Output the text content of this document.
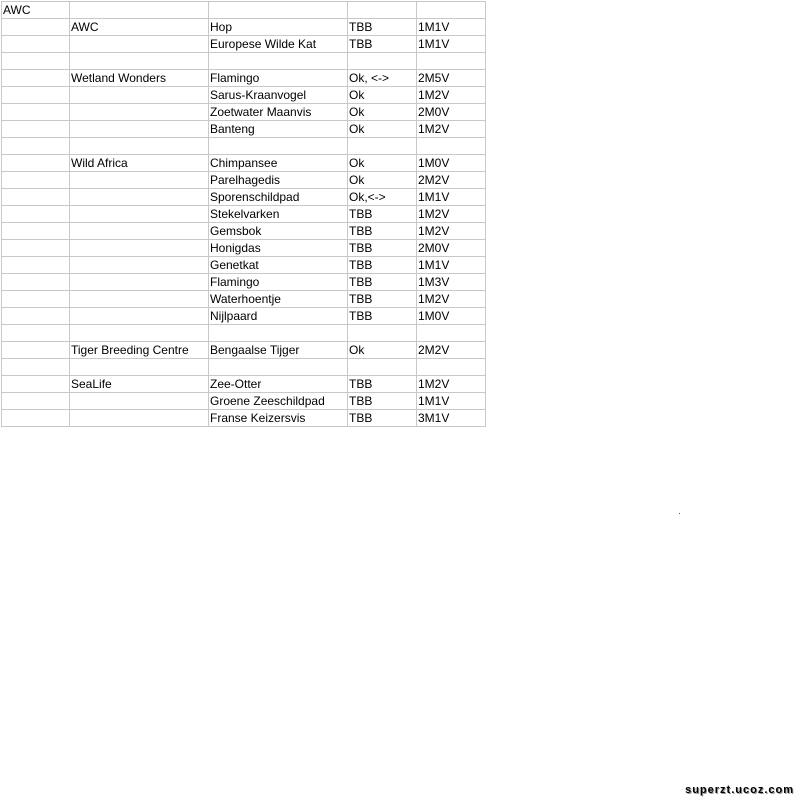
AWC				
	AWC	Hop	TBB	1M1V
		Europese Wilde Kat	TBB	1M1V

	Wetland Wonders	Flamingo	Ok, <->	2M5V
		Sarus-Kraanvogel	Ok	1M2V
		Zoetwater Maanvis	Ok	2M0V
		Banteng	Ok	1M2V

	Wild Africa	Chimpansee	Ok	1M0V
		Parelhagedis	Ok	2M2V
		Sporenschildpad	Ok,<->	1M1V
		Stekelvarken	TBB	1M2V
		Gemsbok	TBB	1M2V
		Honigdas	TBB	2M0V
		Genetkat	TBB	1M1V
		Flamingo	TBB	1M3V
		Waterhoentje	TBB	1M2V
		Nijlpaard	TBB	1M0V

	Tiger Breeding Centre	Bengaalse Tijger	Ok	2M2V

	SeaLife	Zee-Otter	TBB	1M2V
		Groene Zeeschildpad	TBB	1M1V
		Franse Keizersvis	TBB	3M1V
superzt.ucoz.com
